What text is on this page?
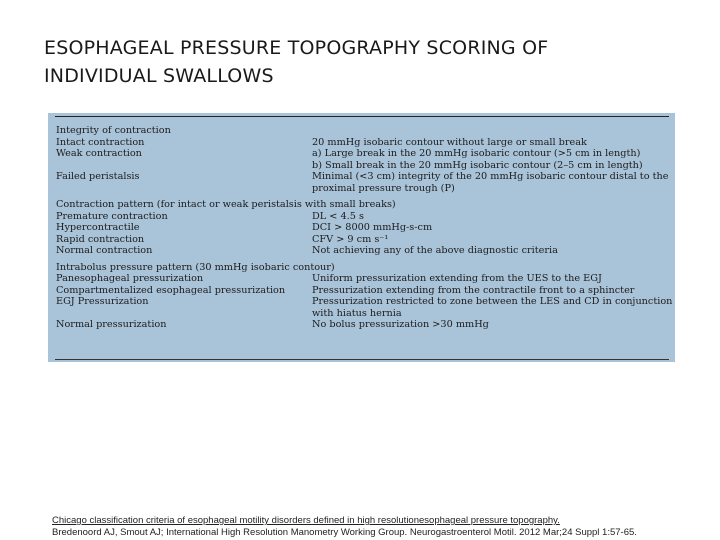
ESOPHAGEAL PRESSURE TOPOGRAPHY SCORING OF
INDIVIDUAL SWALLOWS
Integrity of contraction
Intact contraction	20 mmHg isobaric contour without large or small break
Weak contraction	a) Large break in the 20 mmHg isobaric contour (>5 cm in length)
b) Small break in the 20 mmHg isobaric contour (2–5 cm in length)
Failed peristalsis	Minimal (<3 cm) integrity of the 20 mmHg isobaric contour distal to the
proximal pressure trough (P)
Contraction pattern (for intact or weak peristalsis with small breaks)
Premature contraction	DL < 4.5 s
Hypercontractile	DCI > 8000 mmHg-s-cm
Rapid contraction	CFV > 9 cm s⁻¹
Normal contraction	Not achieving any of the above diagnostic criteria
Intrabolus pressure pattern (30 mmHg isobaric contour)
Panesophageal pressurization	Uniform pressurization extending from the UES to the EGJ
Compartmentalized esophageal pressurization	Pressurization extending from the contractile front to a sphincter
EGJ Pressurization	Pressurization restricted to zone between the LES and CD in conjunction
with hiatus hernia
Normal pressurization	No bolus pressurization >30 mmHg
Chicago classification criteria of esophageal motility disorders defined in high resolutionesophageal pressure topography.
Bredenoord AJ, Smout AJ; International High Resolution Manometry Working Group. Neurogastroenterol Motil. 2012 Mar;24 Suppl 1:57-65.
